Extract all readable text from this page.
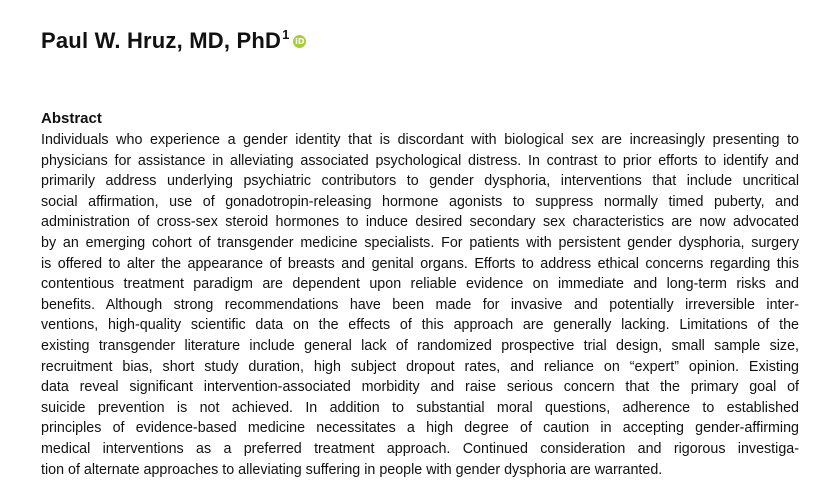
Paul W. Hruz, MD, PhD 1 iD
Abstract

Individuals who experience a gender identity that is discordant with biological sex are increasingly presenting to
physicians for assistance in alleviating associated psychological distress. In contrast to prior efforts to identify and
primarily address underlying psychiatric contributors to gender dysphoria, interventions that include uncritical
social affirmation, use of gonadotropin-releasing hormone agonists to suppress normally timed puberty, and
administration of cross-sex steroid hormones to induce desired secondary sex characteristics are now advocated
by an emerging cohort of transgender medicine specialists. For patients with persistent gender dysphoria, surgery
is offered to alter the appearance of breasts and genital organs. Efforts to address ethical concerns regarding this
contentious treatment paradigm are dependent upon reliable evidence on immediate and long-term risks and
benefits. Although strong recommendations have been made for invasive and potentially irreversible inter-
ventions, high-quality scientific data on the effects of this approach are generally lacking. Limitations of the
existing transgender literature include general lack of randomized prospective trial design, small sample size,
recruitment bias, short study duration, high subject dropout rates, and reliance on “expert” opinion. Existing
data reveal significant intervention-associated morbidity and raise serious concern that the primary goal of
suicide prevention is not achieved. In addition to substantial moral questions, adherence to established
principles of evidence-based medicine necessitates a high degree of caution in accepting gender-affirming
medical interventions as a preferred treatment approach. Continued consideration and rigorous investiga-
tion of alternate approaches to alleviating suffering in people with gender dysphoria are warranted.
